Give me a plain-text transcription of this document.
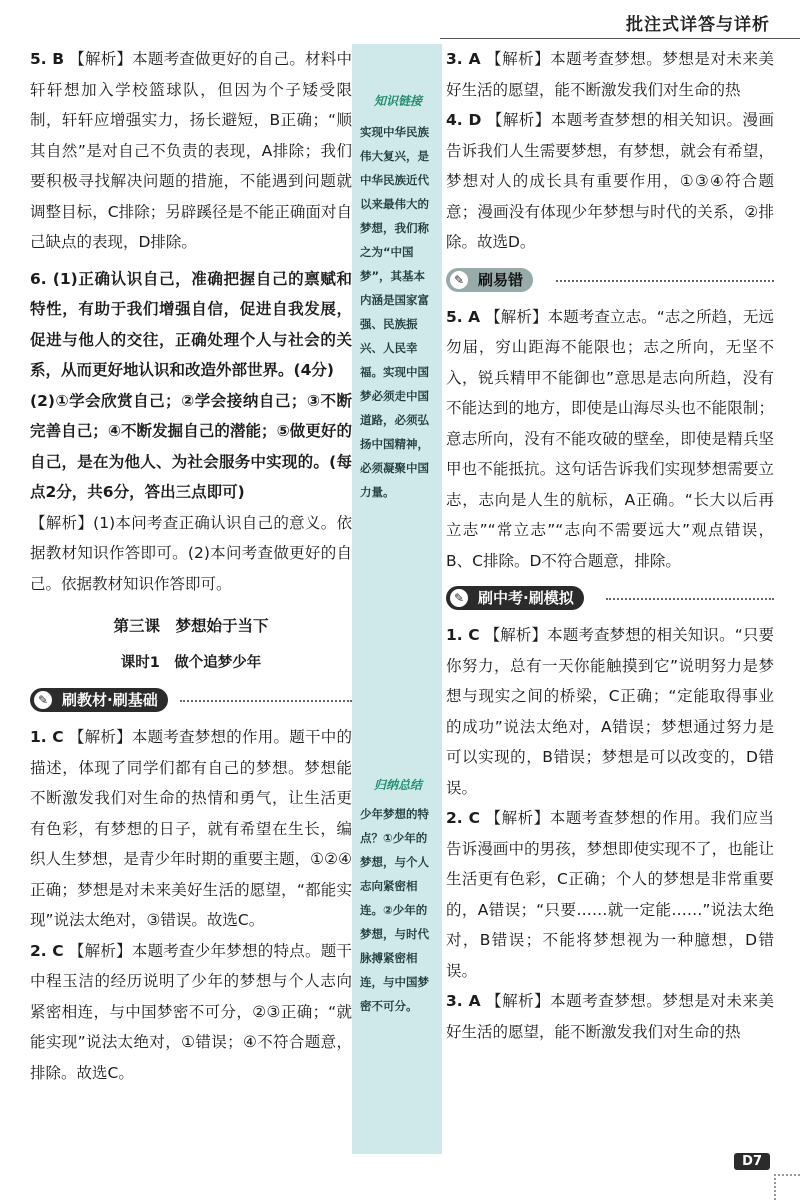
批注式详答与详析
知识链接
实现中华民族伟大复兴，是中华民族近代以来最伟大的梦想，我们称之为“中国梦”，其基本内涵是国家富强、民族振兴、人民幸福。实现中国梦必须走中国道路，必须弘扬中国精神，必须凝聚中国力量。
归纳总结
少年梦想的特点？①少年的梦想，与个人志向紧密相连。②少年的梦想，与时代脉搏紧密相连，与中国梦密不可分。

5. B 【解析】本题考查做更好的自己。材料中轩轩想加入学校篮球队，但因为个子矮受限制，轩轩应增强实力，扬长避短，B正确；“顺其自然”是对自己不负责的表现，A排除；我们要积极寻找解决问题的措施，不能遇到问题就调整目标，C排除；另辟蹊径是不能正确面对自己缺点的表现，D排除。

6. (1)正确认识自己，准确把握自己的禀赋和特性，有助于我们增强自信，促进自我发展，促进与他人的交往，正确处理个人与社会的关系，从而更好地认识和改造外部世界。(4分)

(2)①学会欣赏自己；②学会接纳自己；③不断完善自己；④不断发掘自己的潜能；⑤做更好的自己，是在为他人、为社会服务中实现的。(每点2分，共6分，答出三点即可)

【解析】(1)本问考查正确认识自己的意义。依据教材知识作答即可。(2)本问考查做更好的自己。依据教材知识作答即可。

第三课　梦想始于当下
课时1　做个追梦少年
✎ 刷教材·刷基础

1. C 【解析】本题考查梦想的作用。题干中的描述，体现了同学们都有自己的梦想。梦想能不断激发我们对生命的热情和勇气，让生活更有色彩，有梦想的日子，就有希望在生长，编织人生梦想，是青少年时期的重要主题，①②④正确；梦想是对未来美好生活的愿望，“都能实现”说法太绝对，③错误。故选C。

2. C 【解析】本题考查少年梦想的特点。题干中程玉洁的经历说明了少年的梦想与个人志向紧密相连，与中国梦密不可分，②③正确；“就能实现”说法太绝对，①错误；④不符合题意，排除。故选C。

3. A 【解析】本题考查梦想。梦想是对未来美好生活的愿望，能不断激发我们对生命的热

4. D 【解析】本题考查梦想的相关知识。漫画告诉我们人生需要梦想，有梦想，就会有希望，梦想对人的成长具有重要作用，①③④符合题意；漫画没有体现少年梦想与时代的关系，②排除。故选D。

✎ 刷易错

5. A 【解析】本题考查立志。“志之所趋，无远勿届，穷山距海不能限也；志之所向，无坚不入，锐兵精甲不能御也”意思是志向所趋，没有不能达到的地方，即使是山海尽头也不能限制；意志所向，没有不能攻破的壁垒，即使是精兵坚甲也不能抵抗。这句话告诉我们实现梦想需要立志，志向是人生的航标，A正确。“长大以后再立志”“常立志”“志向不需要远大”观点错误，B、C排除。D不符合题意，排除。

✎ 刷中考·刷模拟

1. C 【解析】本题考查梦想的相关知识。“只要你努力，总有一天你能触摸到它”说明努力是梦想与现实之间的桥梁，C正确；“定能取得事业的成功”说法太绝对，A错误；梦想通过努力是可以实现的，B错误；梦想是可以改变的，D错误。

2. C 【解析】本题考查梦想的作用。我们应当告诉漫画中的男孩，梦想即使实现不了，也能让生活更有色彩，C正确；个人的梦想是非常重要的，A错误；“只要……就一定能……”说法太绝对，B错误；不能将梦想视为一种臆想，D错误。

3. A 【解析】本题考查梦想。梦想是对未来美好生活的愿望，能不断激发我们对生命的热

D7
